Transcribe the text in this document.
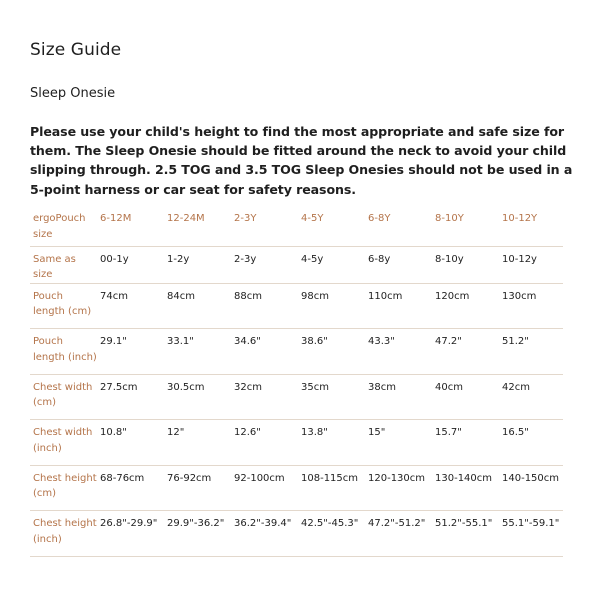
Size Guide

Sleep Onesie

Please use your child's height to find the most appropriate and safe size for them. The Sleep Onesie should be fitted around the neck to avoid your child slipping through. 2.5 TOG and 3.5 TOG Sleep Onesies should not be used in a 5-point harness or car seat for safety reasons.

ergoPouch size	6-12M	12-24M	2-3Y	4-5Y	6-8Y	8-10Y	10-12Y
Same as size	00-1y	1-2y	2-3y	4-5y	6-8y	8-10y	10-12y
Pouch length (cm)	74cm	84cm	88cm	98cm	110cm	120cm	130cm
Pouch length (inch)	29.1"	33.1"	34.6"	38.6"	43.3"	47.2"	51.2"
Chest width (cm)	27.5cm	30.5cm	32cm	35cm	38cm	40cm	42cm
Chest width (inch)	10.8"	12"	12.6"	13.8"	15"	15.7"	16.5"
Chest height (cm)	68-76cm	76-92cm	92-100cm	108-115cm	120-130cm	130-140cm	140-150cm
Chest height (inch)	26.8"-29.9"	29.9"-36.2"	36.2"-39.4"	42.5"-45.3"	47.2"-51.2"	51.2"-55.1"	55.1"-59.1"
